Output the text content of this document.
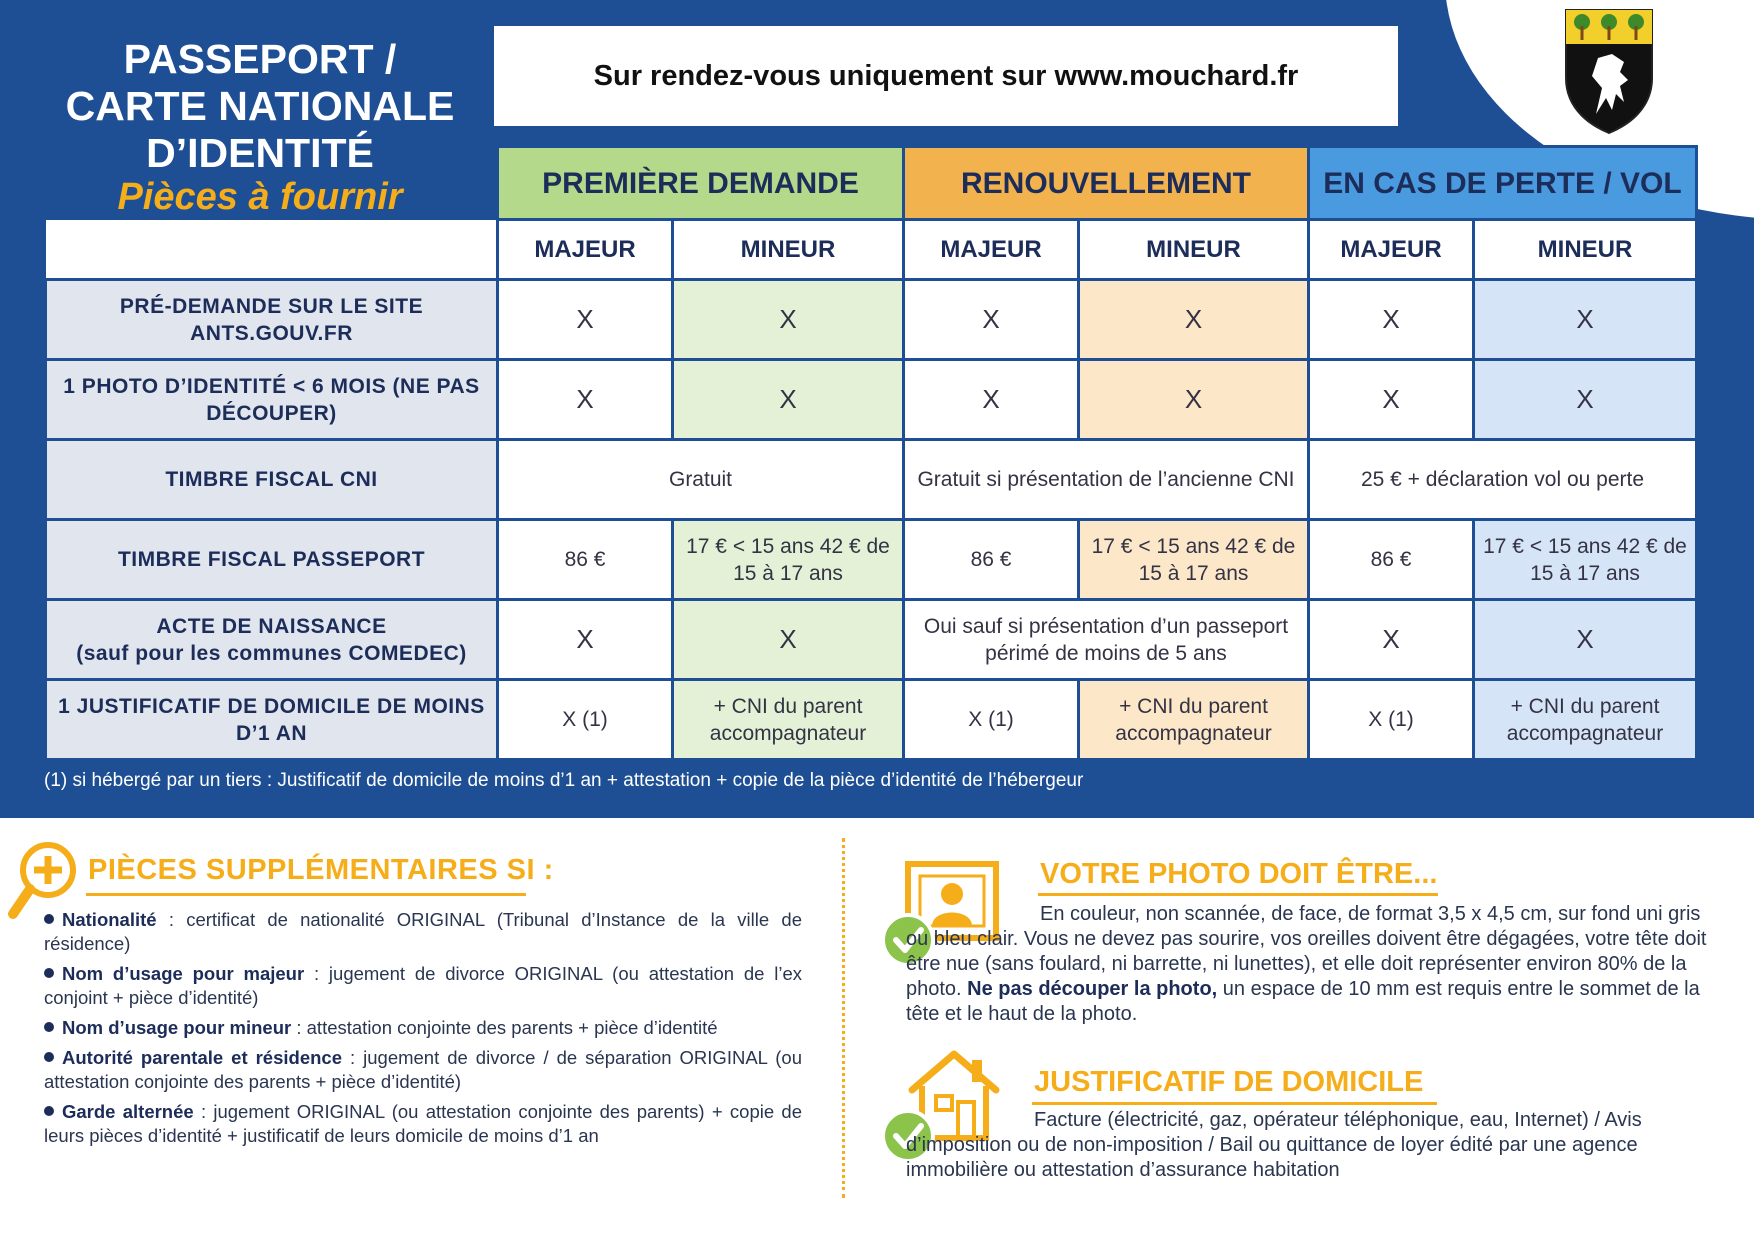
PASSEPORT /
CARTE NATIONALE
D’IDENTITÉ
Pièces à fournir
Sur rendez-vous uniquement sur www.mouchard.fr
	PREMIÈRE DEMANDE		RENOUVELLEMENT		EN CAS DE PERTE / VOL	
	MAJEUR	MINEUR	MAJEUR	MINEUR	MAJEUR	MINEUR
PRÉ-DEMANDE SUR LE SITE ANTS.GOUV.FR	X	X	X	X	X	X
1 PHOTO D’IDENTITÉ < 6 MOIS (NE PAS DÉCOUPER)	X	X	X	X	X	X
TIMBRE FISCAL CNI	Gratuit		Gratuit si présentation de l’ancienne CNI		25 € + déclaration vol ou perte	
TIMBRE FISCAL PASSEPORT	86 €	17 € < 15 ans 42 € de 15 à 17 ans	86 €	17 € < 15 ans 42 € de 15 à 17 ans	86 €	17 € < 15 ans 42 € de 15 à 17 ans

ACTE DE NAISSANCE
(sauf pour les communes COMEDEC)	X	X	Oui sauf si présentation d’un passeport périmé de moins de 5 ans		X	X
1 JUSTIFICATIF DE DOMICILE DE MOINS D’1 AN	X (1)	+ CNI du parent accompagnateur	X (1)	+ CNI du parent accompagnateur	X (1)	+ CNI du parent accompagnateur
(1) si hébergé par un tiers : Justificatif de domicile de moins d’1 an + attestation + copie de la pièce d’identité de l’hébergeur
PIÈCES SUPPLÉMENTAIRES SI :
Nationalité : certificat de nationalité ORIGINAL (Tribunal d’Instance de la ville de résidence)
Nom d’usage pour majeur : jugement de divorce ORIGINAL (ou attestation de l’ex conjoint + pièce d’identité)
Nom d’usage pour mineur : attestation conjointe des parents + pièce d’identité
Autorité parentale et résidence : jugement de divorce / de séparation ORIGINAL (ou attestation conjointe des parents + pièce d’identité)
Garde alternée : jugement ORIGINAL (ou attestation conjointe des parents) + copie de leurs pièces d’identité + justificatif de leurs domicile de moins d’1 an
VOTRE PHOTO DOIT ÊTRE...
En couleur, non scannée, de face, de format 3,5 x 4,5 cm, sur fond uni gris ou bleu clair. Vous ne devez pas sourire, vos oreilles doivent être dégagées, votre tête doit être nue (sans foulard, ni barrette, ni lunettes), et elle doit représenter environ 80% de la photo. Ne pas découper la photo, un espace de 10 mm est requis entre le sommet de la tête et le haut de la photo.
JUSTIFICATIF DE DOMICILE
Facture (électricité, gaz, opérateur téléphonique, eau, Internet) / Avis d’imposition ou de non-imposition / Bail ou quittance de loyer édité par une agence immobilière ou attestation d’assurance habitation
